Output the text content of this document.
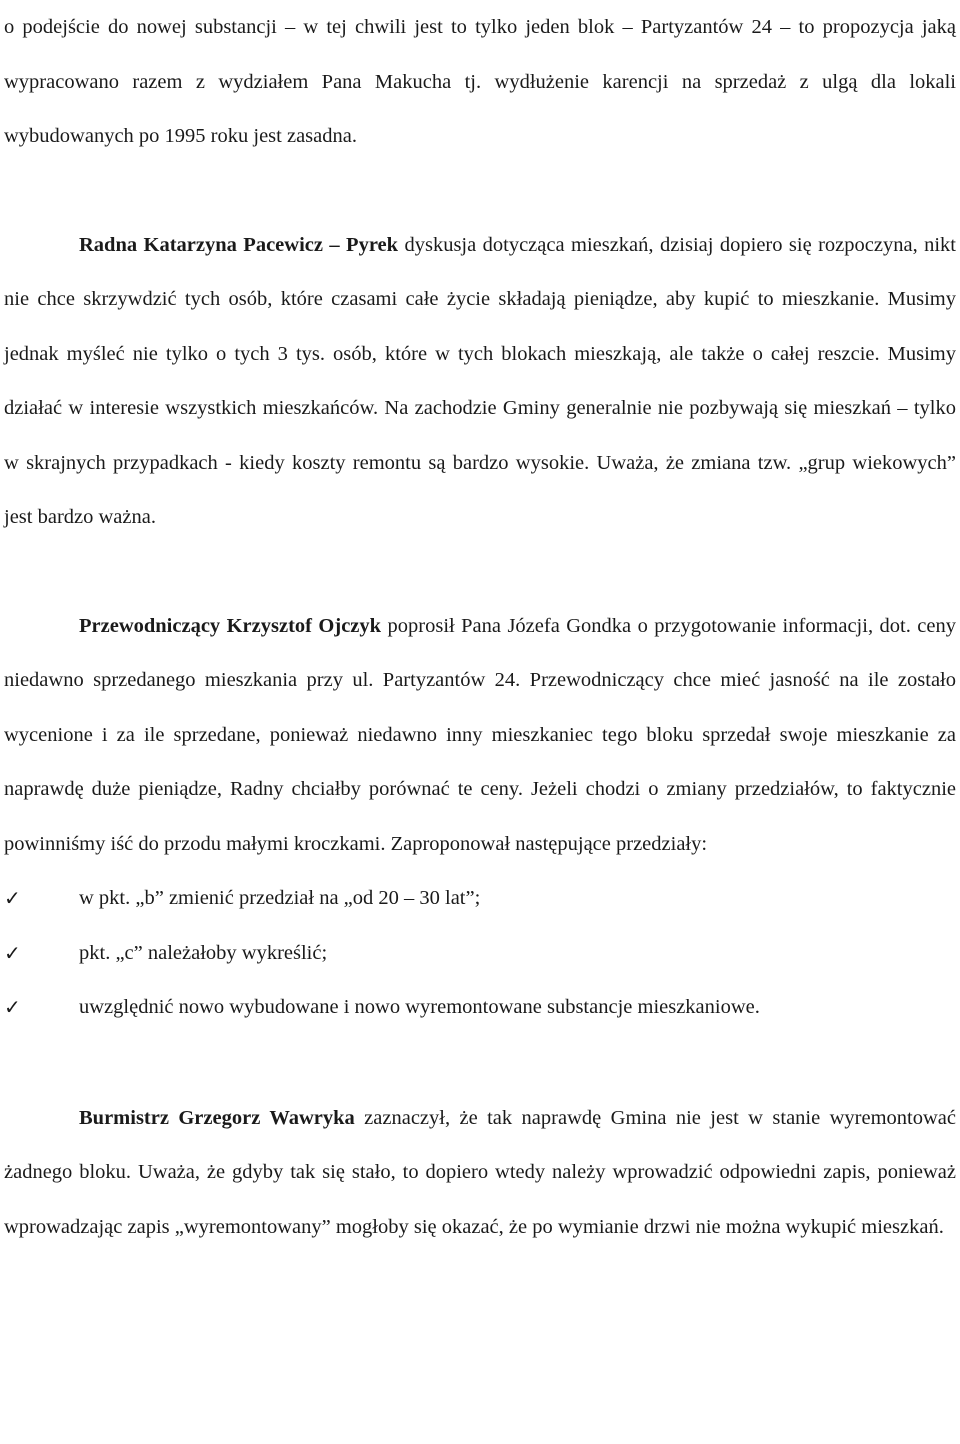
o podejście do nowej substancji – w tej chwili jest to tylko jeden blok – Partyzantów 24 – to propozycja jaką wypracowano razem z wydziałem Pana Makucha tj. wydłużenie karencji na sprzedaż z ulgą dla lokali wybudowanych po 1995 roku jest zasadna.

Radna Katarzyna Pacewicz – Pyrek dyskusja dotycząca mieszkań, dzisiaj dopiero się rozpoczyna, nikt nie chce skrzywdzić tych osób, które czasami całe życie składają pieniądze, aby kupić to mieszkanie. Musimy jednak myśleć nie tylko o tych 3 tys. osób, które w tych blokach mieszkają, ale także o całej reszcie. Musimy działać w interesie wszystkich mieszkańców. Na zachodzie Gminy generalnie nie pozbywają się mieszkań – tylko w skrajnych przypadkach - kiedy koszty remontu są bardzo wysokie. Uważa, że zmiana tzw. „grup wiekowych” jest bardzo ważna.

Przewodniczący Krzysztof Ojczyk poprosił Pana Józefa Gondka o przygotowanie informacji, dot. ceny niedawno sprzedanego mieszkania przy ul. Partyzantów 24. Przewodniczący chce mieć jasność na ile zostało wycenione i za ile sprzedane, ponieważ niedawno inny mieszkaniec tego bloku sprzedał swoje mieszkanie za naprawdę duże pieniądze, Radny chciałby porównać te ceny. Jeżeli chodzi o zmiany przedziałów, to faktycznie powinniśmy iść do przodu małymi kroczkami. Zaproponował następujące przedziały:

✓	w pkt. „b” zmienić przedział na „od 20 – 30 lat”;
✓	pkt. „c” należałoby wykreślić;
✓	uwzględnić nowo wybudowane i nowo wyremontowane substancje mieszkaniowe.

Burmistrz Grzegorz Wawryka zaznaczył, że tak naprawdę Gmina nie jest w stanie wyremontować żadnego bloku. Uważa, że gdyby tak się stało, to dopiero wtedy należy wprowadzić odpowiedni zapis, ponieważ wprowadzając zapis „wyremontowany” mogłoby się okazać, że po wymianie drzwi nie można wykupić mieszkań.
